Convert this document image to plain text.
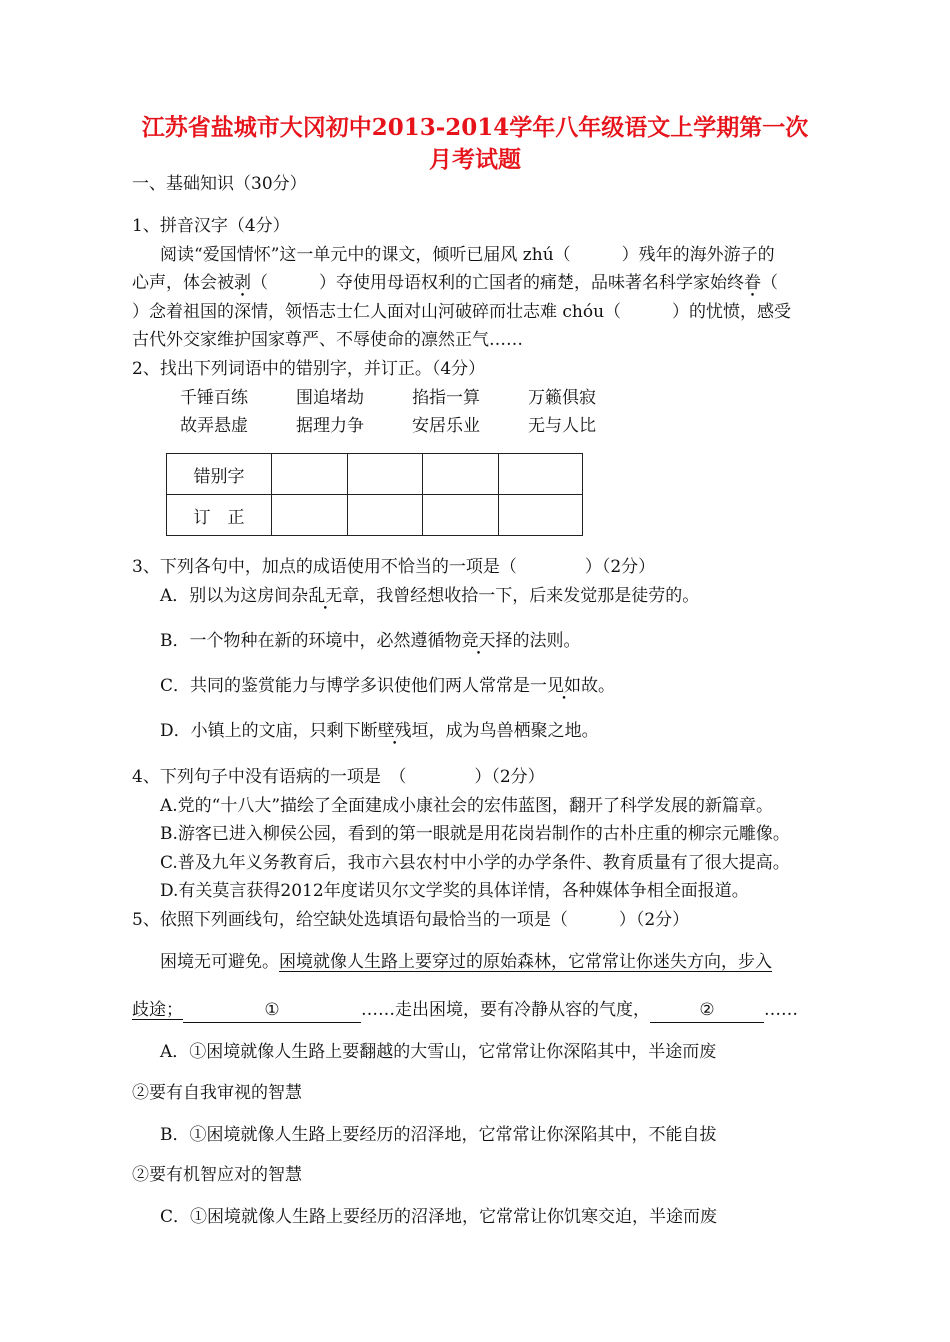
江苏省盐城市大冈初中2013-2014学年八年级语文上学期第一次
月考试题
一、基础知识（30分）
1、拼音汉字（4分）
阅读“爱国情怀”这一单元中的课文，倾听已届风 zhú（　　　）残年的海外游子的
心声，体会被剥（　　　）夺使用母语权利的亡国者的痛楚，品味著名科学家始终眷（
）念着祖国的深情，领悟志士仁人面对山河破碎而壮志难 chóu（　　　）的忧愤，感受
古代外交家维护国家尊严、不辱使命的凛然正气……
2、找出下列词语中的错别字，并订正。（4分）
千锤百练	围追堵劫	掐指一算	万籁俱寂
故弄悬虚	据理力争	安居乐业	无与人比
错别字				
订　正				
3、下列各句中，加点的成语使用不恰当的一项是（　　　　）（2分）
A．别以为这房间杂乱无章，我曾经想收拾一下，后来发觉那是徒劳的。
B．一个物种在新的环境中，必然遵循物竞天择的法则。
C．共同的鉴赏能力与博学多识使他们两人常常是一见如故。
D．小镇上的文庙，只剩下断壁残垣，成为鸟兽栖聚之地。
4、下列句子中没有语病的一项是　（　　　　）（2分）
A.党的“十八大”描绘了全面建成小康社会的宏伟蓝图，翻开了科学发展的新篇章。
B.游客已进入柳侯公园，看到的第一眼就是用花岗岩制作的古朴庄重的柳宗元雕像。
C.普及九年义务教育后，我市六县农村中小学的办学条件、教育质量有了很大提高。
D.有关莫言获得2012年度诺贝尔文学奖的具体详情，各种媒体争相全面报道。
5、依照下列画线句，给空缺处选填语句最恰当的一项是（　　　）（2分）
困境无可避免。困境就像人生路上要穿过的原始森林，它常常让你迷失方向，步入
歧途；	①	……走出困境，要有冷静从容的气度，	②	……
A．①困境就像人生路上要翻越的大雪山，它常常让你深陷其中，半途而废
②要有自我审视的智慧
B．①困境就像人生路上要经历的沼泽地，它常常让你深陷其中，不能自拔
②要有机智应对的智慧
C．①困境就像人生路上要经历的沼泽地，它常常让你饥寒交迫，半途而废
